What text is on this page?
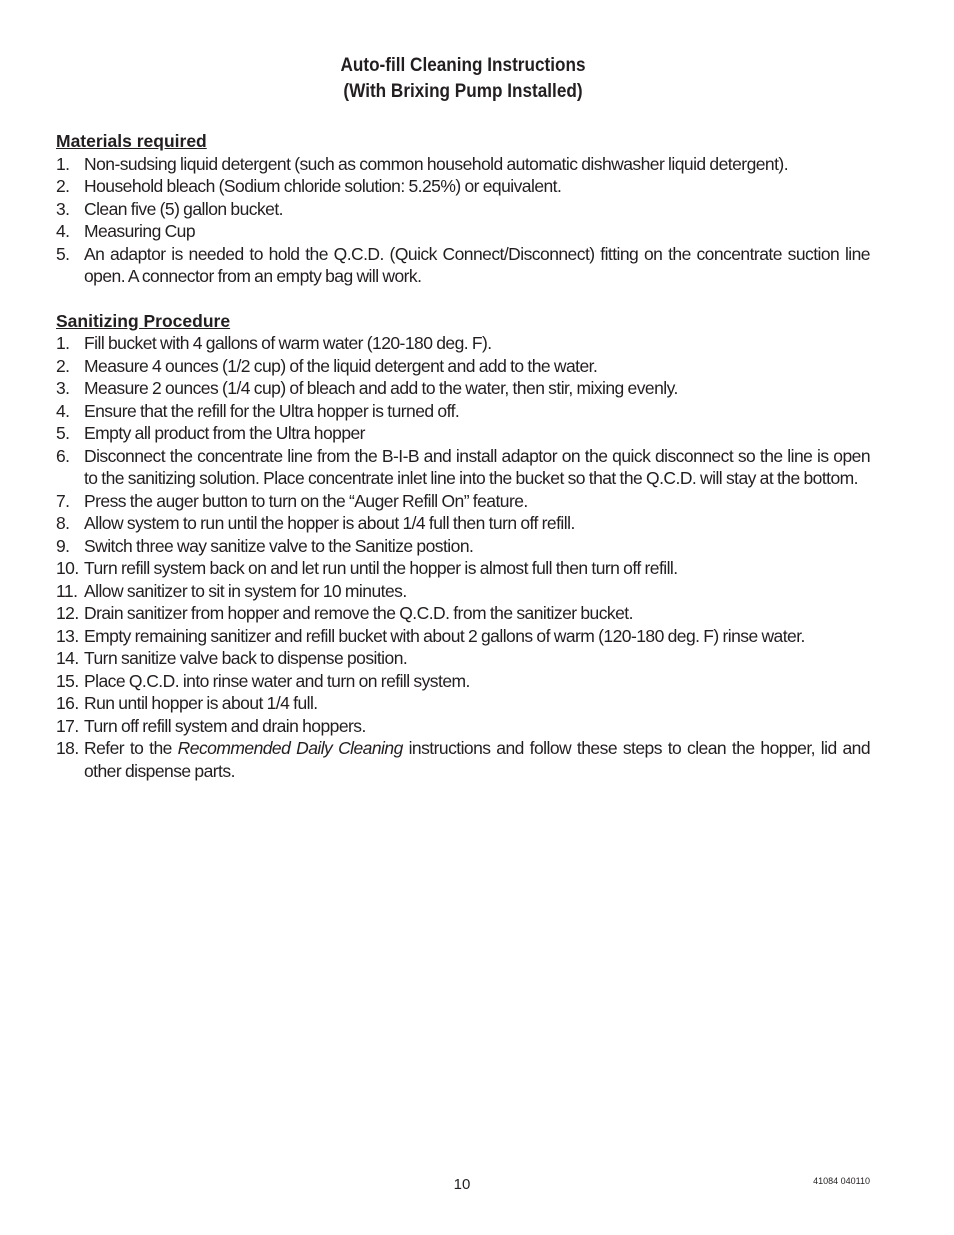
Auto-fill Cleaning Instructions
(With Brixing Pump Installed)
Materials required
1. Non-sudsing liquid detergent (such as common household automatic dishwasher liquid detergent).
2. Household bleach (Sodium chloride solution: 5.25%) or equivalent.
3. Clean five (5) gallon bucket.
4. Measuring Cup
5. An adaptor is needed to hold the Q.C.D. (Quick Connect/Disconnect) fitting on the concentrate suction line open. A connector from an empty bag will work.
Sanitizing Procedure
1. Fill bucket with 4 gallons of warm water (120-180 deg. F).
2. Measure 4 ounces (1/2 cup) of the liquid detergent and add to the water.
3. Measure 2 ounces (1/4 cup) of bleach and add to the water, then stir, mixing evenly.
4. Ensure that the refill for the Ultra hopper is turned off.
5. Empty all product from the Ultra hopper
6. Disconnect the concentrate line from the B-I-B and install adaptor on the quick disconnect so the line is open to the sanitizing solution. Place concentrate inlet line into the bucket so that the Q.C.D. will stay at the bottom.
7. Press the auger button to turn on the “Auger Refill On” feature.
8. Allow system to run until the hopper is about 1/4 full then turn off refill.
9. Switch three way sanitize valve to the Sanitize postion.
10. Turn refill system back on and let run until the hopper is almost full then turn off refill.
11. Allow sanitizer to sit in system for 10 minutes.
12. Drain sanitizer from hopper and remove the Q.C.D. from the sanitizer bucket.
13. Empty remaining sanitizer and refill bucket with about 2 gallons of warm (120-180 deg. F) rinse water.
14. Turn sanitize valve back to dispense position.
15. Place Q.C.D. into rinse water and turn on refill system.
16. Run until hopper is about 1/4 full.
17. Turn off refill system and drain hoppers.
18. Refer to the Recommended Daily Cleaning instructions and follow these steps to clean the hopper, lid and other dispense parts.
10	41084 040110
